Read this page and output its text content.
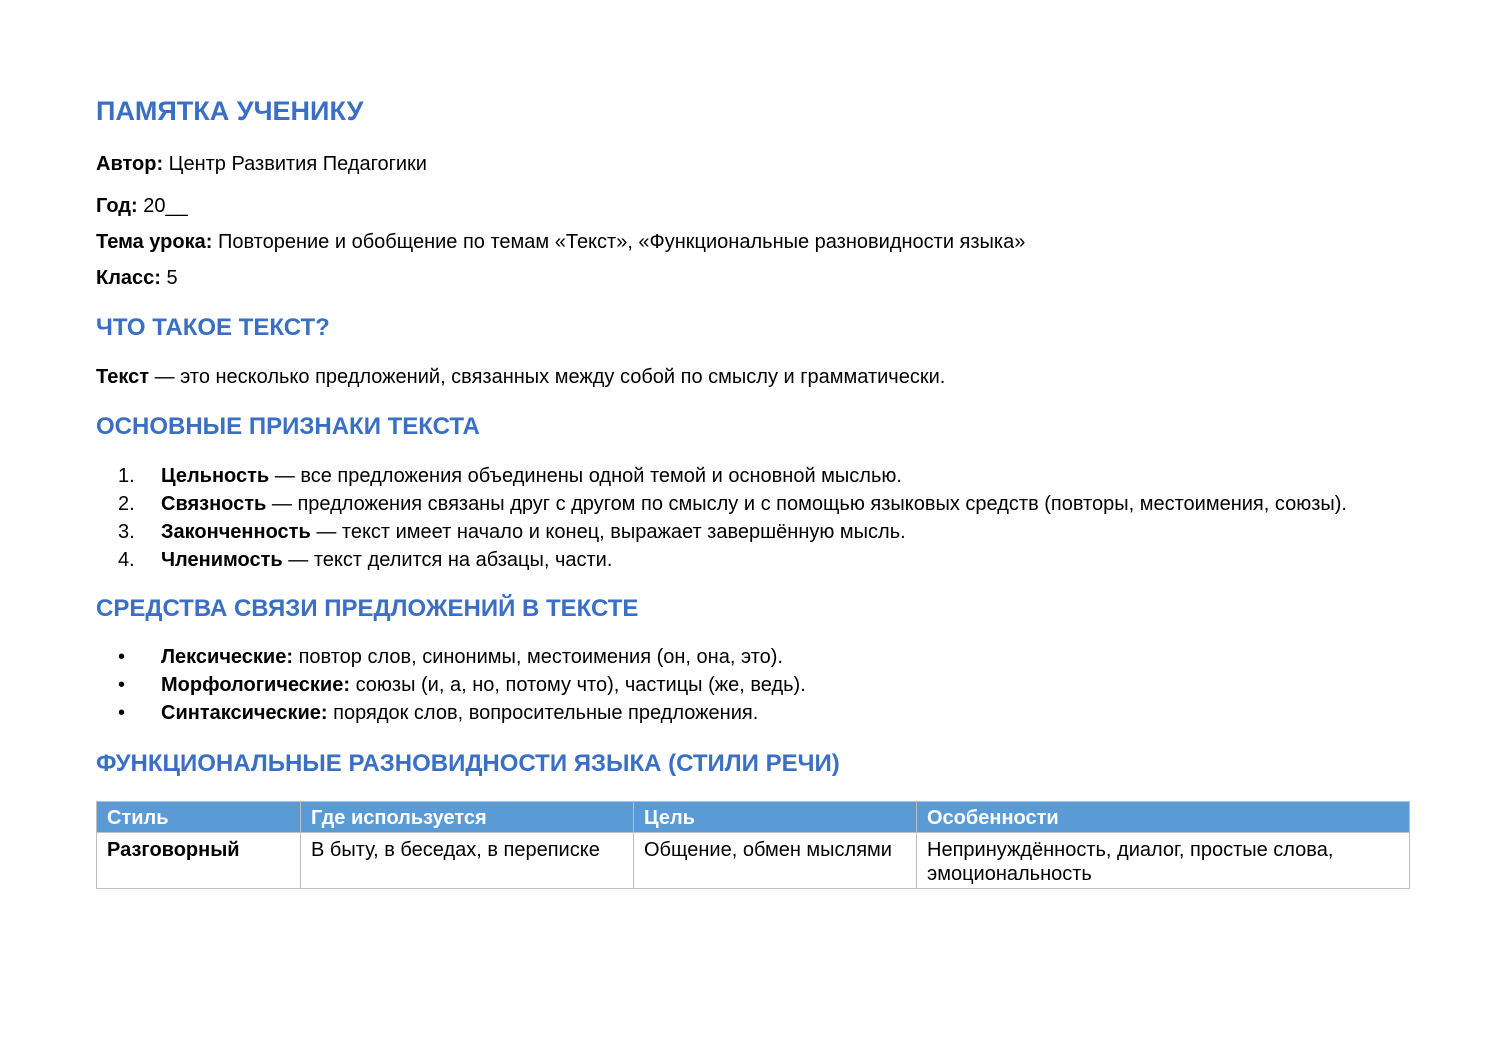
ПАМЯТКА УЧЕНИКУ

Автор: Центр Развития Педагогики

Год: 20__

Тема урока: Повторение и обобщение по темам «Текст», «Функциональные разновидности языка»

Класс: 5

ЧТО ТАКОЕ ТЕКСТ?

Текст — это несколько предложений, связанных между собой по смыслу и грамматически.

ОСНОВНЫЕ ПРИЗНАКИ ТЕКСТА
1. Цельность — все предложения объединены одной темой и основной мыслью.
2. Связность — предложения связаны друг с другом по смыслу и с помощью языковых средств (повторы, местоимения, союзы).
3. Законченность — текст имеет начало и конец, выражает завершённую мысль.
4. Членимость — текст делится на абзацы, части.
СРЕДСТВА СВЯЗИ ПРЕДЛОЖЕНИЙ В ТЕКСТЕ
• Лексические: повтор слов, синонимы, местоимения (он, она, это).
• Морфологические: союзы (и, а, но, потому что), частицы (же, ведь).
• Синтаксические: порядок слов, вопросительные предложения.
ФУНКЦИОНАЛЬНЫЕ РАЗНОВИДНОСТИ ЯЗЫКА (СТИЛИ РЕЧИ)
Стиль	Где используется	Цель	Особенности
Разговорный	В быту, в беседах, в переписке	Общение, обмен мыслями	Непринуждённость, диалог, простые слова, эмоциональность
